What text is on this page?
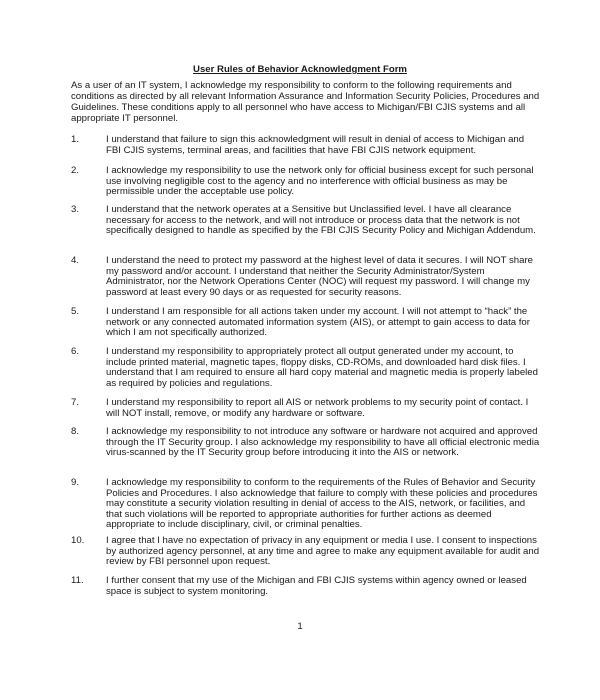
User Rules of Behavior Acknowledgment Form
As a user of an IT system, I acknowledge my responsibility to conform to the following requirements and conditions as directed by all relevant Information Assurance and Information Security Policies, Procedures and Guidelines. These conditions apply to all personnel who have access to Michigan/FBI CJIS systems and all appropriate IT personnel.
1.	I understand that failure to sign this acknowledgment will result in denial of access to Michigan and FBI CJIS systems, terminal areas, and facilities that have FBI CJIS network equipment.
2.	I acknowledge my responsibility to use the network only for official business except for such personal use involving negligible cost to the agency and no interference with official business as may be permissible under the acceptable use policy.
3.	I understand that the network operates at a Sensitive but Unclassified level. I have all clearance necessary for access to the network, and will not introduce or process data that the network is not specifically designed to handle as specified by the FBI CJIS Security Policy and Michigan Addendum.
4.	I understand the need to protect my password at the highest level of data it secures. I will NOT share my password and/or account. I understand that neither the Security Administrator/System Administrator, nor the Network Operations Center (NOC) will request my password. I will change my password at least every 90 days or as requested for security reasons.
5.	I understand I am responsible for all actions taken under my account. I will not attempt to “hack” the network or any connected automated information system (AIS), or attempt to gain access to data for which I am not specifically authorized.
6.	I understand my responsibility to appropriately protect all output generated under my account, to include printed material, magnetic tapes, floppy disks, CD-ROMs, and downloaded hard disk files. I understand that I am required to ensure all hard copy material and magnetic media is properly labeled as required by policies and regulations.
7.	I understand my responsibility to report all AIS or network problems to my security point of contact. I will NOT install, remove, or modify any hardware or software.
8.	I acknowledge my responsibility to not introduce any software or hardware not acquired and approved through the IT Security group. I also acknowledge my responsibility to have all official electronic media virus-scanned by the IT Security group before introducing it into the AIS or network.
9.	I acknowledge my responsibility to conform to the requirements of the Rules of Behavior and Security Policies and Procedures. I also acknowledge that failure to comply with these policies and procedures may constitute a security violation resulting in denial of access to the AIS, network, or facilities, and that such violations will be reported to appropriate authorities for further actions as deemed appropriate to include disciplinary, civil, or criminal penalties.
10.	I agree that I have no expectation of privacy in any equipment or media I use. I consent to inspections by authorized agency personnel, at any time and agree to make any equipment available for audit and review by FBI personnel upon request.
11.	I further consent that my use of the Michigan and FBI CJIS systems within agency owned or leased space is subject to system monitoring.
1
